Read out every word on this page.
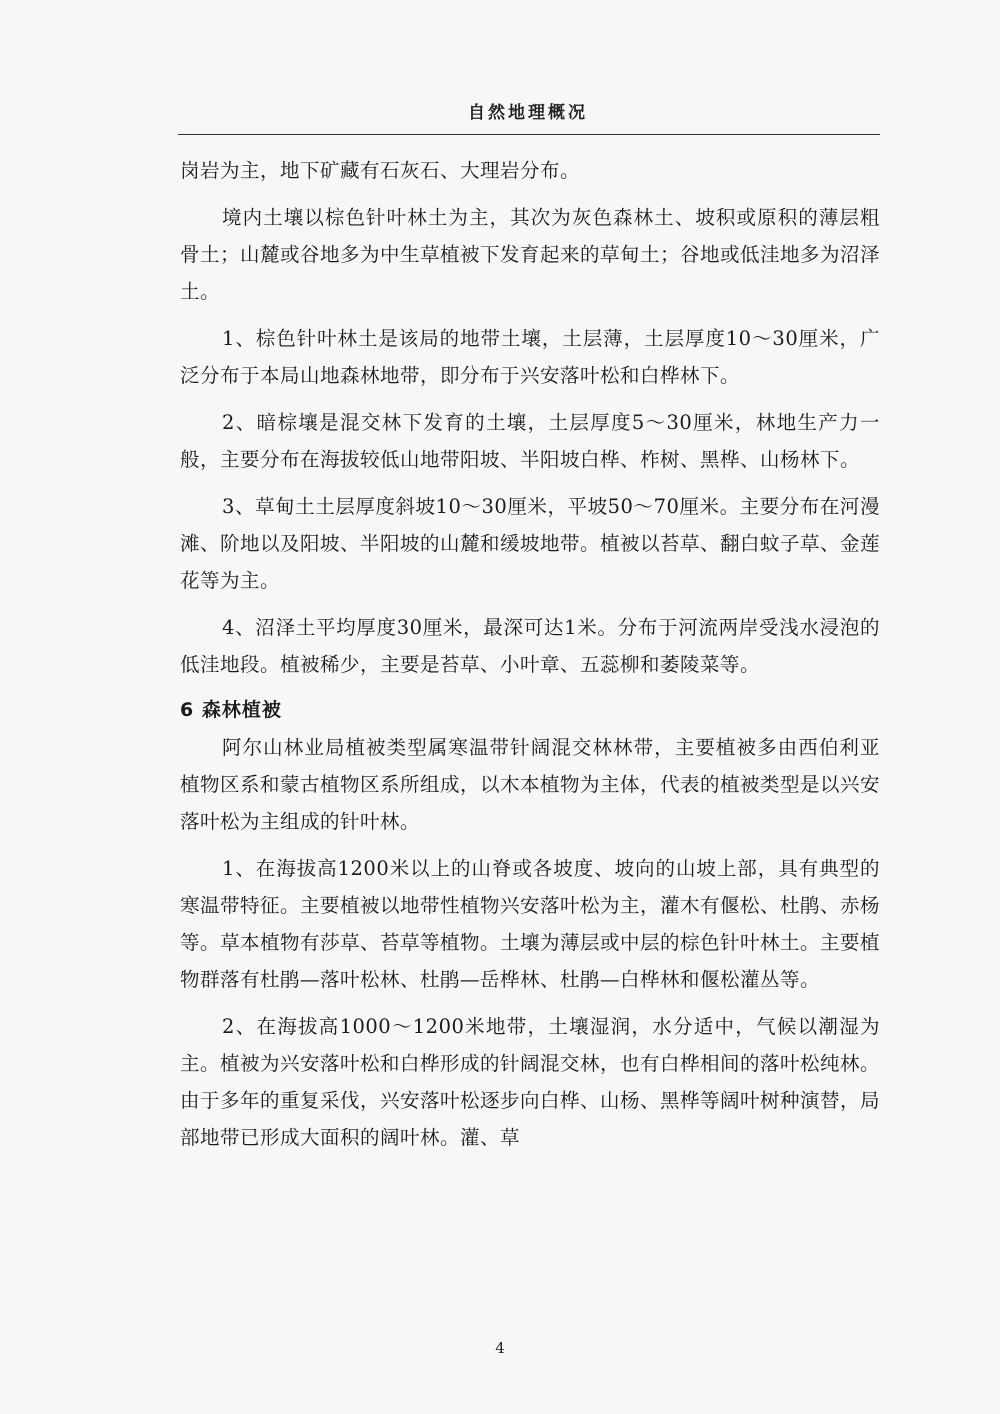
自然地理概况

岗岩为主，地下矿藏有石灰石、大理岩分布。

境内土壤以棕色针叶林土为主，其次为灰色森林土、坡积或原积的薄层粗骨土；山麓或谷地多为中生草植被下发育起来的草甸土；谷地或低洼地多为沼泽土。

1、棕色针叶林土是该局的地带土壤，土层薄，土层厚度10～30厘米，广泛分布于本局山地森林地带，即分布于兴安落叶松和白桦林下。

2、暗棕壤是混交林下发育的土壤，土层厚度5～30厘米，林地生产力一般，主要分布在海拔较低山地带阳坡、半阳坡白桦、柞树、黑桦、山杨林下。

3、草甸土土层厚度斜坡10～30厘米，平坡50～70厘米。主要分布在河漫滩、阶地以及阳坡、半阳坡的山麓和缓坡地带。植被以苔草、翻白蚊子草、金莲花等为主。

4、沼泽土平均厚度30厘米，最深可达1米。分布于河流两岸受浅水浸泡的低洼地段。植被稀少，主要是苔草、小叶章、五蕊柳和萎陵菜等。

6 森林植被

阿尔山林业局植被类型属寒温带针阔混交林林带，主要植被多由西伯利亚植物区系和蒙古植物区系所组成，以木本植物为主体，代表的植被类型是以兴安落叶松为主组成的针叶林。

1、在海拔高1200米以上的山脊或各坡度、坡向的山坡上部，具有典型的寒温带特征。主要植被以地带性植物兴安落叶松为主，灌木有偃松、杜鹃、赤杨等。草本植物有莎草、苔草等植物。土壤为薄层或中层的棕色针叶林土。主要植物群落有杜鹃—落叶松林、杜鹃—岳桦林、杜鹃—白桦林和偃松灌丛等。

2、在海拔高1000～1200米地带，土壤湿润，水分适中，气候以潮湿为主。植被为兴安落叶松和白桦形成的针阔混交林，也有白桦相间的落叶松纯林。由于多年的重复采伐，兴安落叶松逐步向白桦、山杨、黑桦等阔叶树种演替，局部地带已形成大面积的阔叶林。灌、草

4
